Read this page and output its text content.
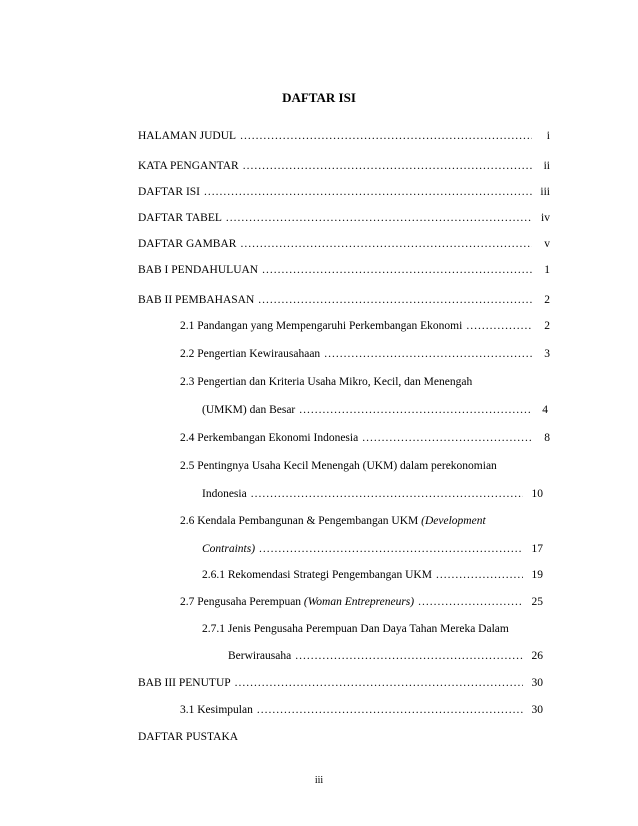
DAFTAR ISI
HALAMAN JUDUL .....	i
KATA PENGANTAR .....	ii
DAFTAR ISI .....	iii
DAFTAR TABEL .....	iv
DAFTAR GAMBAR .....	v
BAB I PENDAHULUAN .....	1
BAB II PEMBAHASAN .....	2
2.1 Pandangan yang Mempengaruhi Perkembangan Ekonomi .....	2
2.2 Pengertian Kewirausahaan .....	3
2.3 Pengertian dan Kriteria Usaha Mikro, Kecil, dan Menengah
(UMKM) dan Besar .....	4
2.4 Perkembangan Ekonomi Indonesia .....	8
2.5 Pentingnya Usaha Kecil Menengah (UKM) dalam perekonomian
Indonesia .....	10
2.6 Kendala Pembangunan & Pengembangan UKM (Development
Contraints) .....	17
2.6.1 Rekomendasi Strategi Pengembangan UKM .....	19
2.7 Pengusaha Perempuan (Woman Entrepreneurs) .....	25
2.7.1 Jenis Pengusaha Perempuan Dan Daya Tahan Mereka Dalam
Berwirausaha .....	26
BAB III PENUTUP .....	30
3.1 Kesimpulan .....	30
DAFTAR PUSTAKA
iii
